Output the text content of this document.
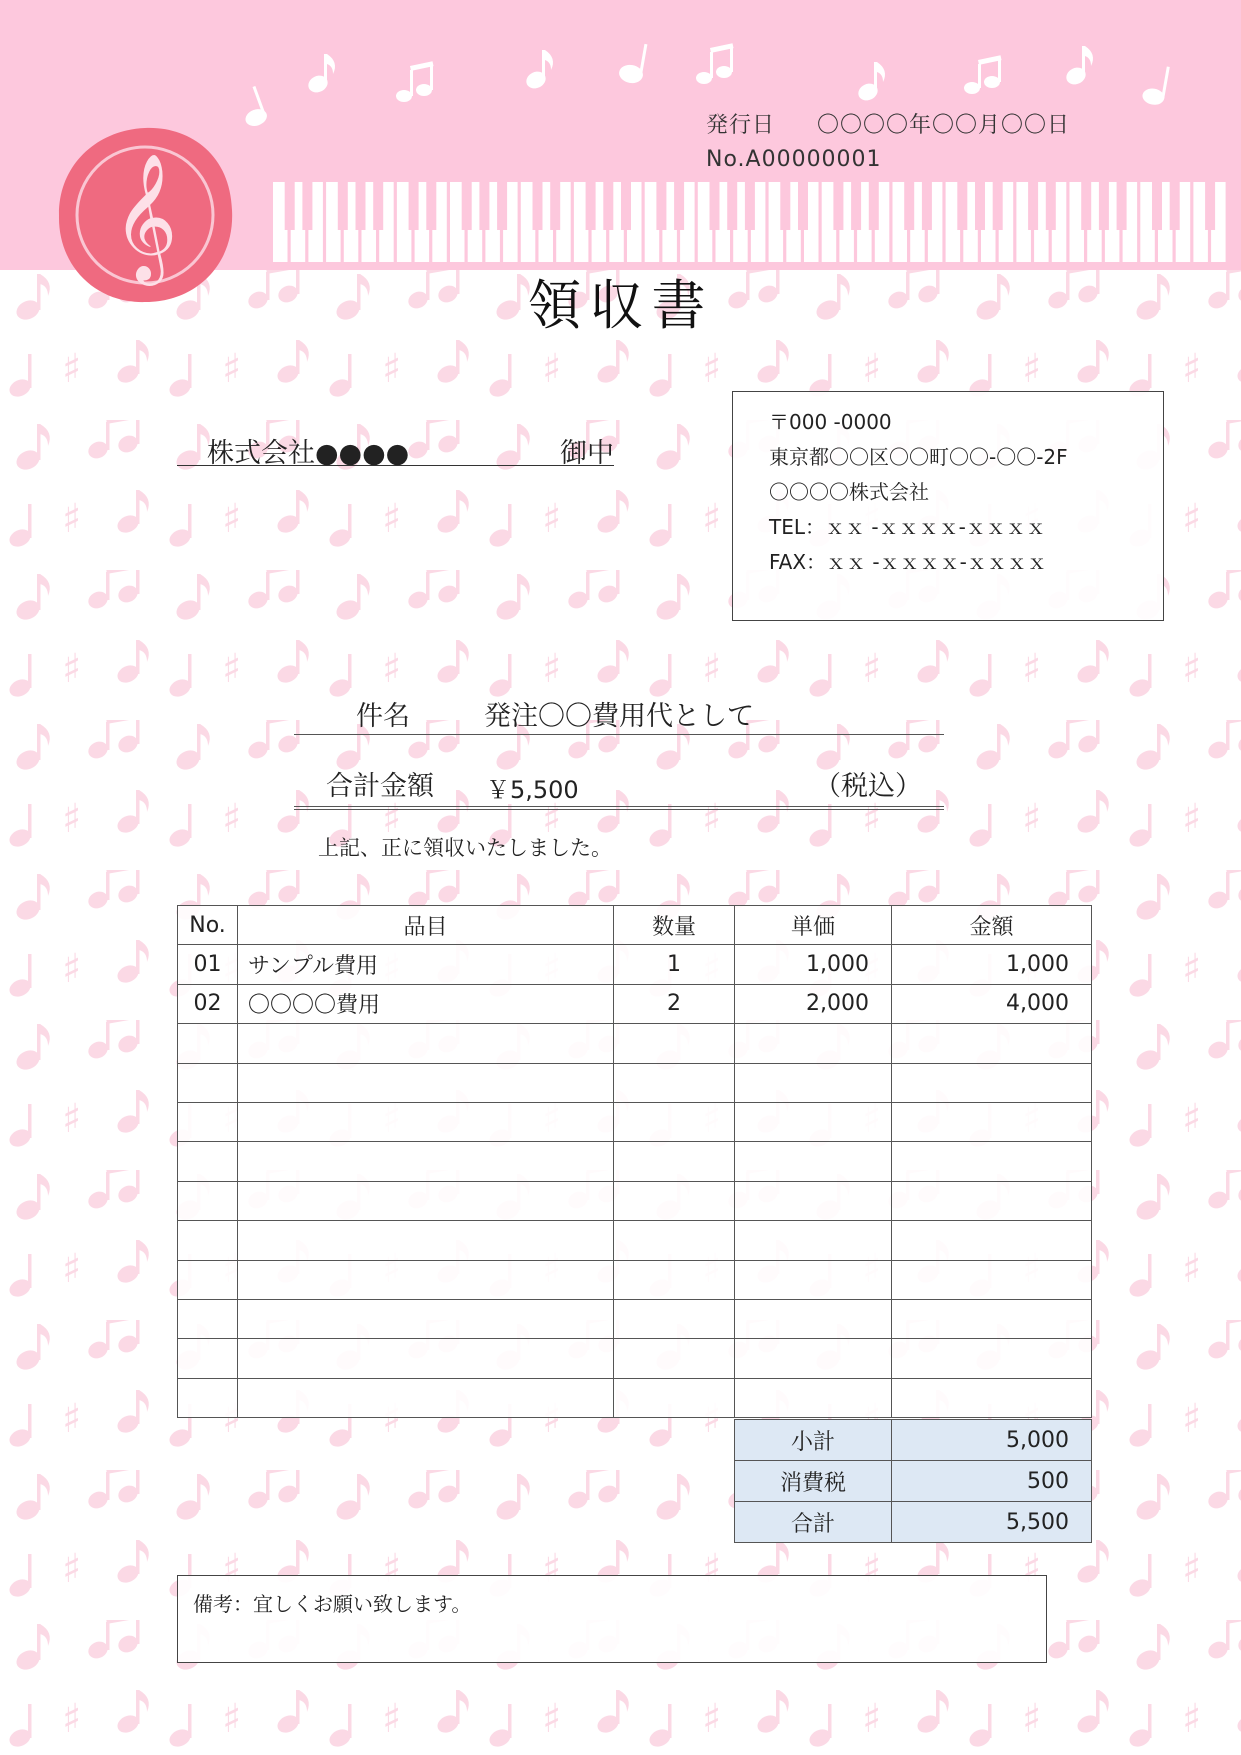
𝄞
発行日 〇〇〇〇年〇〇月〇〇日
No.A00000001
領収書
株式会社●●●●	御中
〒000 -0000
東京都〇〇区〇〇町〇〇-〇〇-2F
〇〇〇〇株式会社
TEL：ｘｘ -ｘｘｘｘ-ｘｘｘｘ
FAX：ｘｘ -ｘｘｘｘ-ｘｘｘｘ
件名	発注〇〇費用代として
合計金額 ￥5,500	（税込）
上記、正に領収いたしました。
No.	品目	数量	単価	金額
01	サンプル費用	1	1,000	1,000
02	〇〇〇〇費用	2	2,000	4,000

小計	5,000
消費税	500
合計	5,500
備考：宜しくお願い致します。
